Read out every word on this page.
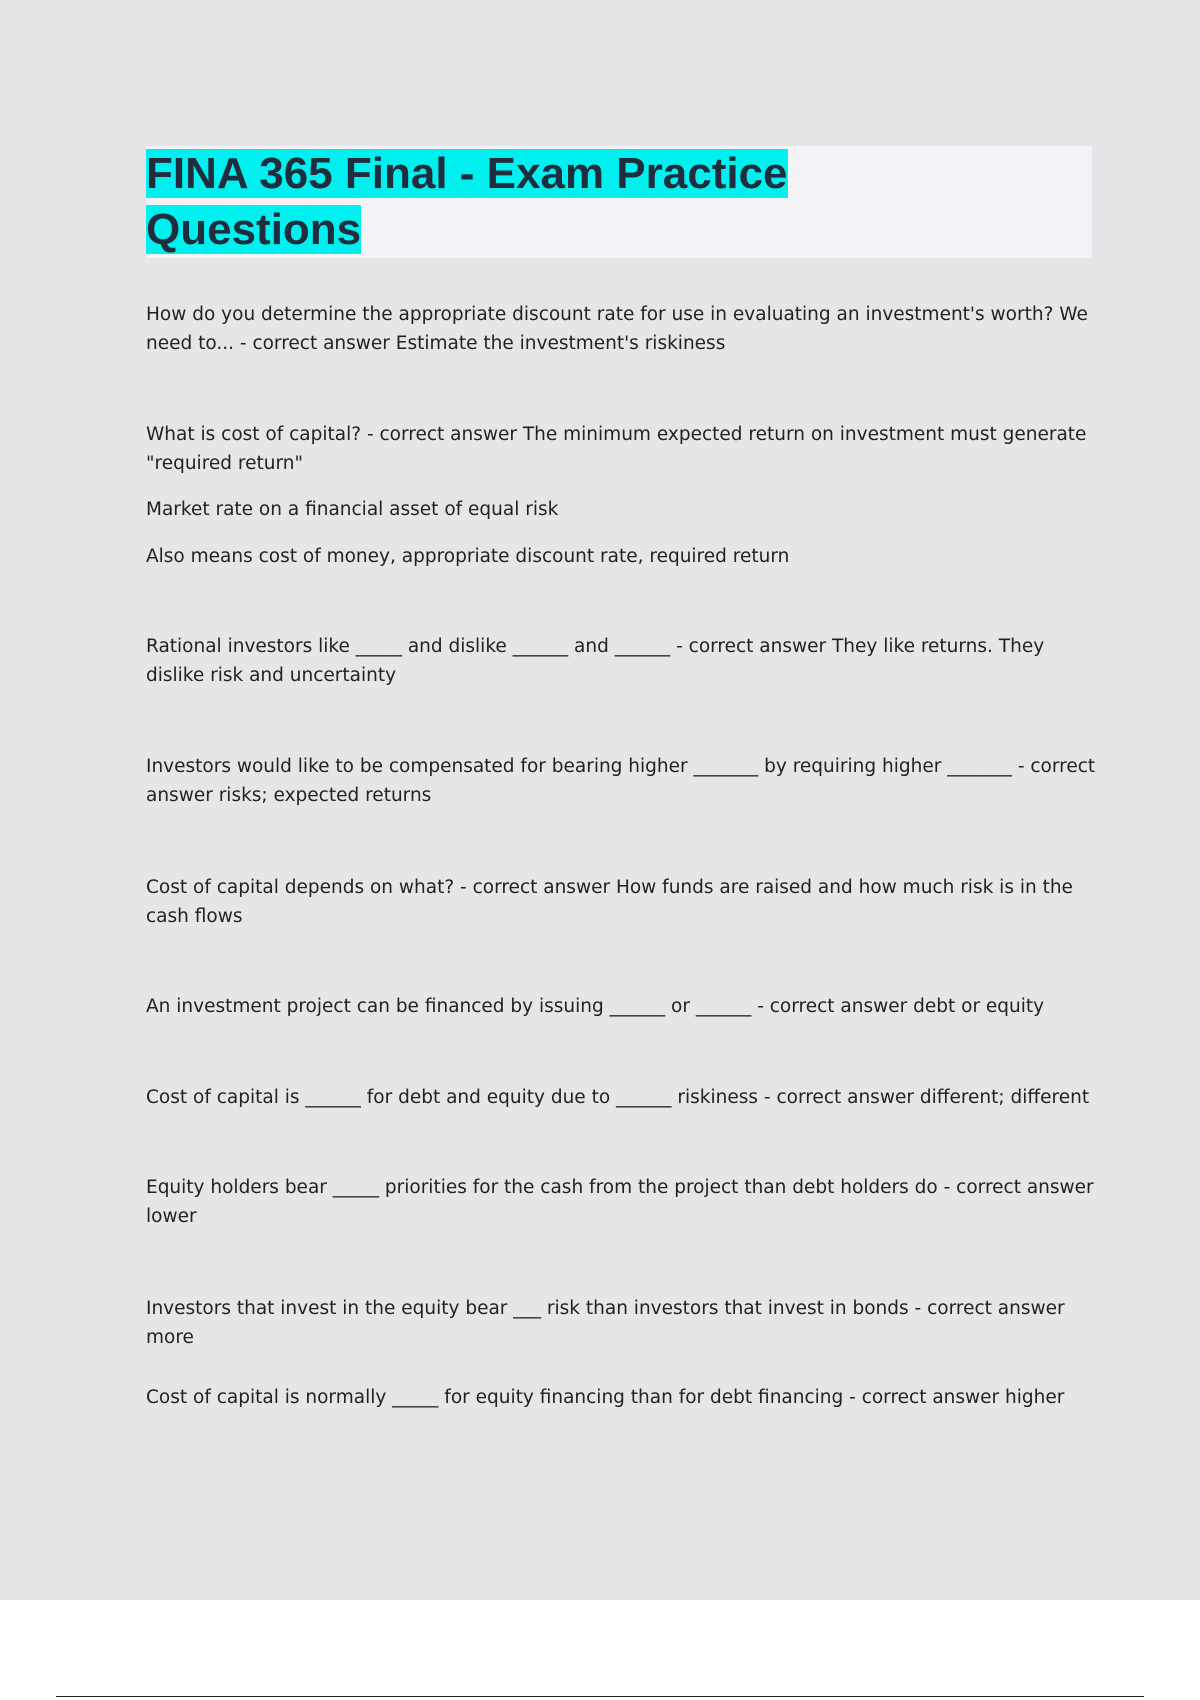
FINA 365 Final - Exam Practice Questions

How do you determine the appropriate discount rate for use in evaluating an investment's worth? We need to... - correct answer Estimate the investment's riskiness

What is cost of capital? - correct answer The minimum expected return on investment must generate "required return"

Market rate on a financial asset of equal risk

Also means cost of money, appropriate discount rate, required return

Rational investors like _____ and dislike ______ and ______ - correct answer They like returns. They dislike risk and uncertainty

Investors would like to be compensated for bearing higher _______ by requiring higher _______ - correct answer risks; expected returns

Cost of capital depends on what? - correct answer How funds are raised and how much risk is in the cash flows

An investment project can be financed by issuing ______ or ______ - correct answer debt or equity

Cost of capital is ______ for debt and equity due to ______ riskiness - correct answer different; different

Equity holders bear _____ priorities for the cash from the project than debt holders do - correct answer lower

Investors that invest in the equity bear ___ risk than investors that invest in bonds - correct answer more

Cost of capital is normally _____ for equity financing than for debt financing - correct answer higher
